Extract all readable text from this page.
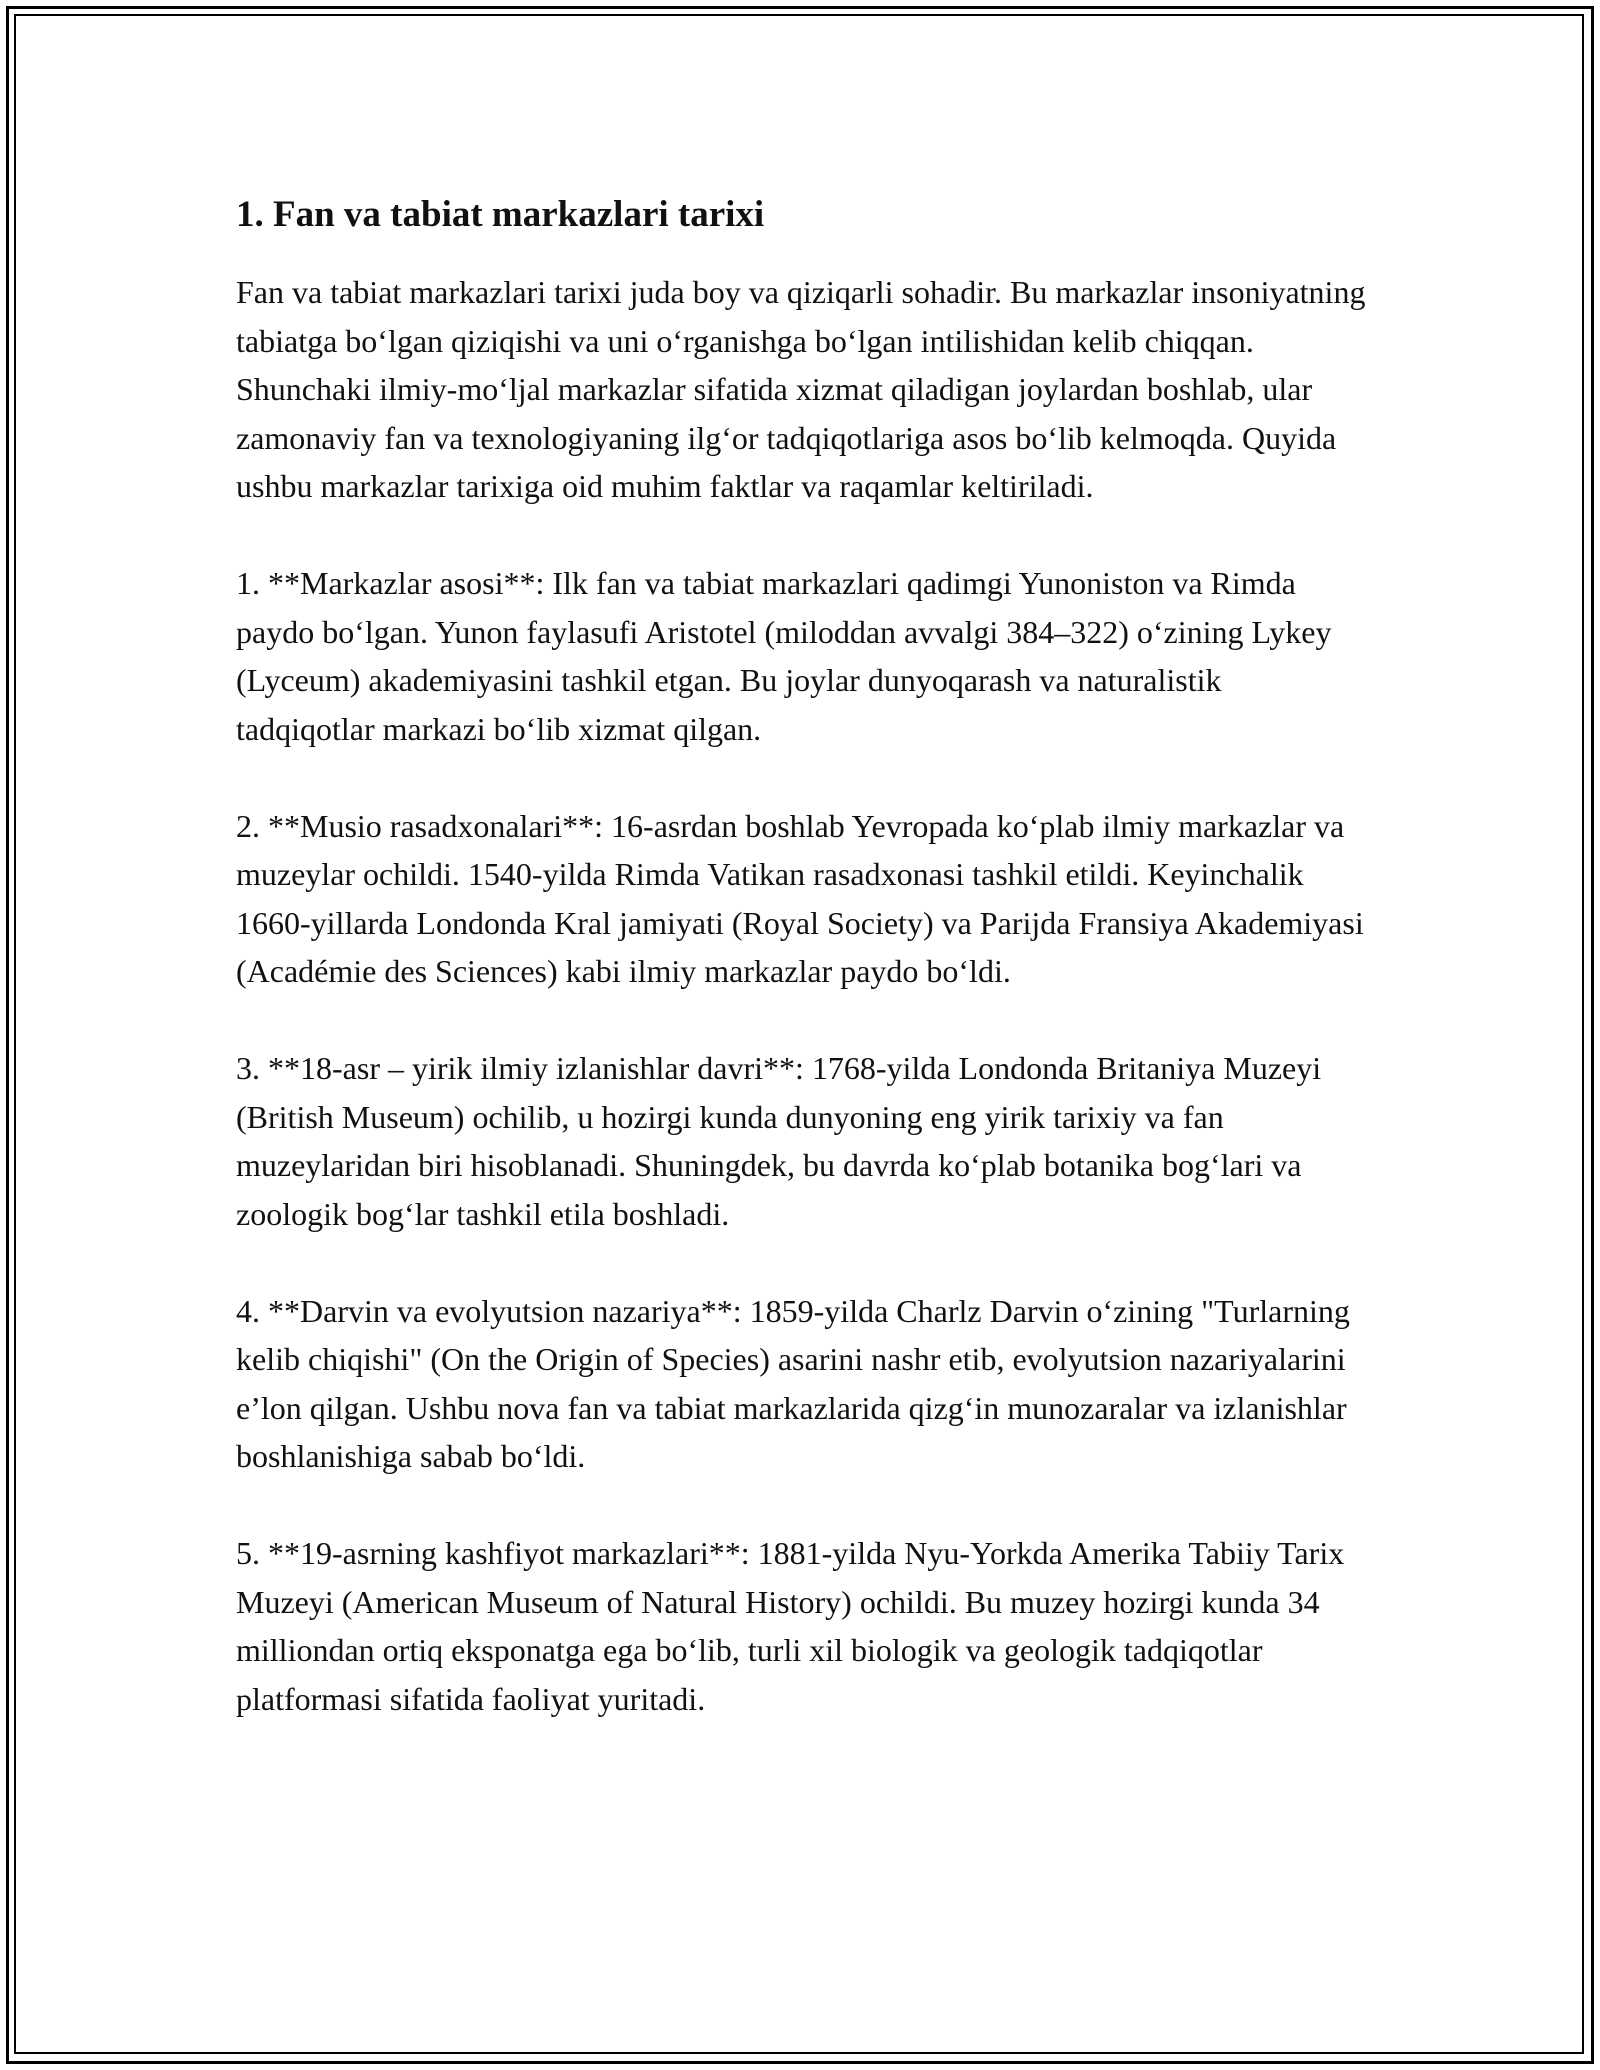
1. Fan va tabiat markazlari tarixi

Fan va tabiat markazlari tarixi juda boy va qiziqarli sohadir. Bu markazlar insoniyatning tabiatga bo‘lgan qiziqishi va uni o‘rganishga bo‘lgan intilishidan kelib chiqqan. Shunchaki ilmiy-mo‘ljal markazlar sifatida xizmat qiladigan joylardan boshlab, ular zamonaviy fan va texnologiyaning ilg‘or tadqiqotlariga asos bo‘lib kelmoqda. Quyida ushbu markazlar tarixiga oid muhim faktlar va raqamlar keltiriladi.

1. **Markazlar asosi**: Ilk fan va tabiat markazlari qadimgi Yunoniston va Rimda paydo bo‘lgan. Yunon faylasufi Aristotel (miloddan avvalgi 384–322) o‘zining Lykey (Lyceum) akademiyasini tashkil etgan. Bu joylar dunyoqarash va naturalistik tadqiqotlar markazi bo‘lib xizmat qilgan.

2. **Musio rasadxonalari**: 16-asrdan boshlab Yevropada ko‘plab ilmiy markazlar va muzeylar ochildi. 1540-yilda Rimda Vatikan rasadxonasi tashkil etildi. Keyinchalik 1660-yillarda Londonda Kral jamiyati (Royal Society) va Parijda Fransiya Akademiyasi (Académie des Sciences) kabi ilmiy markazlar paydo bo‘ldi.

3. **18-asr – yirik ilmiy izlanishlar davri**: 1768-yilda Londonda Britaniya Muzeyi (British Museum) ochilib, u hozirgi kunda dunyoning eng yirik tarixiy va fan muzeylaridan biri hisoblanadi. Shuningdek, bu davrda ko‘plab botanika bog‘lari va zoologik bog‘lar tashkil etila boshladi.

4. **Darvin va evolyutsion nazariya**: 1859-yilda Charlz Darvin o‘zining "Turlarning kelib chiqishi" (On the Origin of Species) asarini nashr etib, evolyutsion nazariyalarini e’lon qilgan. Ushbu nova fan va tabiat markazlarida qizg‘in munozaralar va izlanishlar boshlanishiga sabab bo‘ldi.

5. **19-asrning kashfiyot markazlari**: 1881-yilda Nyu-Yorkda Amerika Tabiiy Tarix Muzeyi (American Museum of Natural History) ochildi. Bu muzey hozirgi kunda 34 milliondan ortiq eksponatga ega bo‘lib, turli xil biologik va geologik tadqiqotlar platformasi sifatida faoliyat yuritadi.
